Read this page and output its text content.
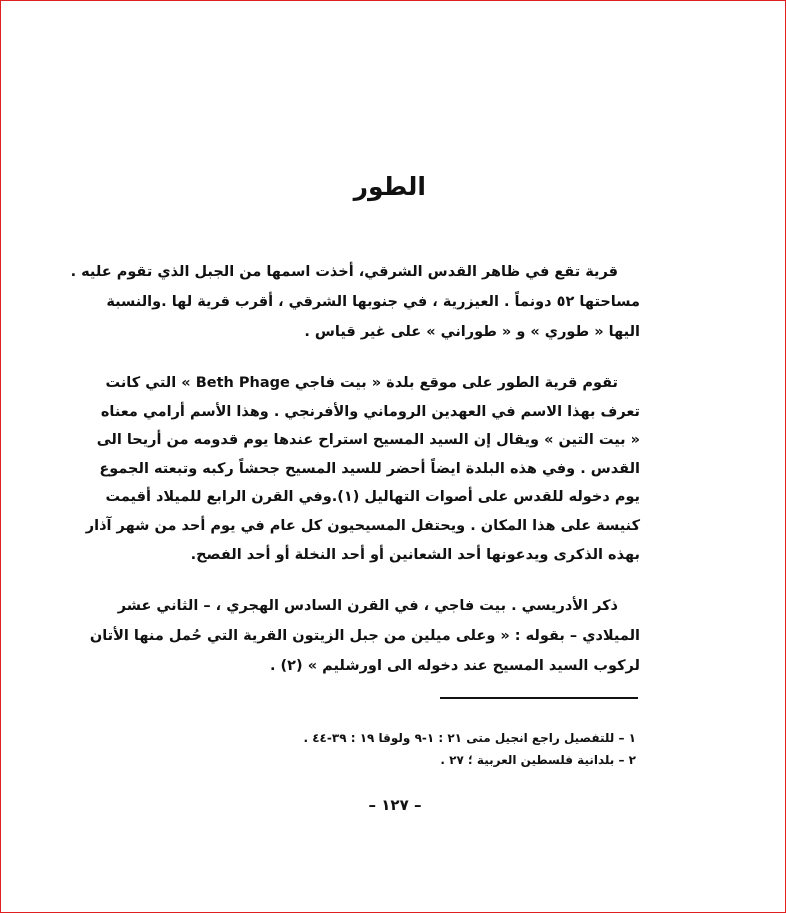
الطور
قرية تقع في ظاهر القدس الشرقي، أخذت اسمها من الجبل الذي تقوم عليه .
مساحتها ٥٢ دونماً . العيزرية ، في جنوبها الشرقي ، أقرب قرية لها .والنسبة
اليها « طوري » و « طوراني » على غير قياس .
تقوم قرية الطور على موقع بلدة « بيت فاجي Beth Phage » التي كانت
تعرف بهذا الاسم في العهدين الروماني والأفرنجي . وهذا الأسم أرامي معناه
« بيت التين » ويقال إن السيد المسيح استراح عندها يوم قدومه من أريحا الى
القدس . وفي هذه البلدة ايضاً أحضر للسيد المسيح جحشاً ركبه وتبعته الجموع
يوم دخوله للقدس على أصوات التهاليل (١).وفي القرن الرابع للميلاد أقيمت
كنيسة على هذا المكان . ويحتفل المسيحيون كل عام في يوم أحد من شهر آذار
بهذه الذكرى ويدعونها أحد الشعانين أو أحد النخلة أو أحد الفصح.
ذكر الأدريسي . بيت فاجي ، في القرن السادس الهجري ، – الثاني عشر
الميلادي – بقوله : « وعلى ميلين من جبل الزيتون القرية التي حُمل منها الأتان
لركوب السيد المسيح عند دخوله الى اورشليم » (٢) .
١ – للتفصيل راجع انجيل متى ٢١ : ١-٩ ولوقا ١٩ : ٣٩-٤٤ .
٢ – بلدانية فلسطين العربية ؛ ٢٧ .
– ١٢٧ –
